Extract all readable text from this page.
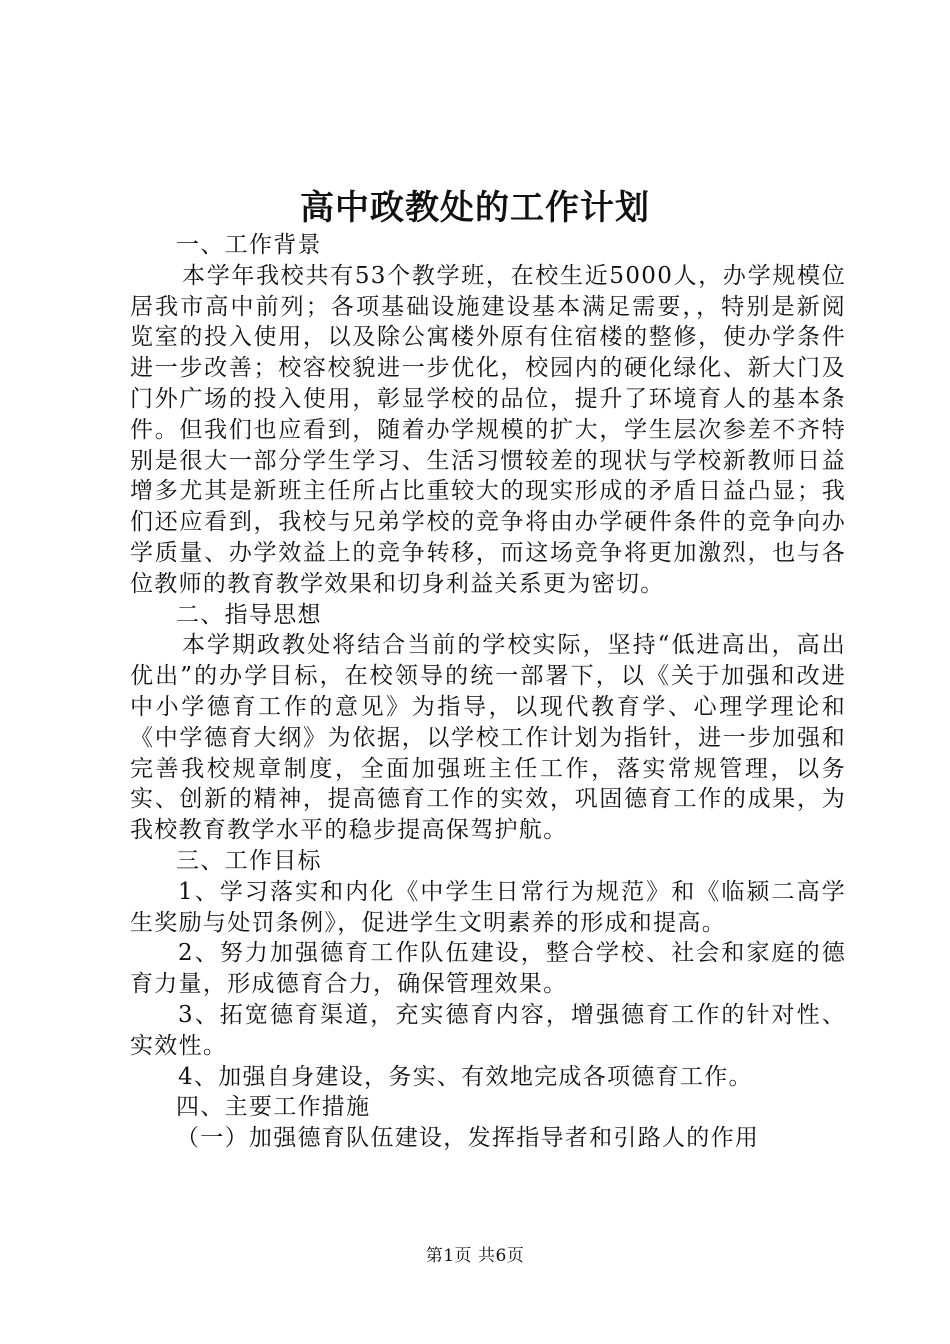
高中政教处的工作计划

一、工作背景

本学年我校共有53个教学班，在校生近5000人，办学规模位居我市高中前列；各项基础设施建设基本满足需要，，特别是新阅览室的投入使用，以及除公寓楼外原有住宿楼的整修，使办学条件进一步改善；校容校貌进一步优化，校园内的硬化绿化、新大门及门外广场的投入使用，彰显学校的品位，提升了环境育人的基本条件。但我们也应看到，随着办学规模的扩大，学生层次参差不齐特别是很大一部分学生学习、生活习惯较差的现状与学校新教师日益增多尤其是新班主任所占比重较大的现实形成的矛盾日益凸显；我们还应看到，我校与兄弟学校的竞争将由办学硬件条件的竞争向办学质量、办学效益上的竞争转移，而这场竞争将更加激烈，也与各位教师的教育教学效果和切身利益关系更为密切。

二、指导思想

本学期政教处将结合当前的学校实际，坚持“低进高出，高出优出”的办学目标，在校领导的统一部署下，以《关于加强和改进中小学德育工作的意见》为指导，以现代教育学、心理学理论和《中学德育大纲》为依据，以学校工作计划为指针，进一步加强和完善我校规章制度，全面加强班主任工作，落实常规管理，以务实、创新的精神，提高德育工作的实效，巩固德育工作的成果，为我校教育教学水平的稳步提高保驾护航。

三、工作目标

1、学习落实和内化《中学生日常行为规范》和《临颍二高学生奖励与处罚条例》，促进学生文明素养的形成和提高。

2、努力加强德育工作队伍建设，整合学校、社会和家庭的德育力量，形成德育合力，确保管理效果。

3、拓宽德育渠道，充实德育内容，增强德育工作的针对性、实效性。

4、加强自身建设，务实、有效地完成各项德育工作。

四、主要工作措施

（一）加强德育队伍建设，发挥指导者和引路人的作用

第1页 共6页
